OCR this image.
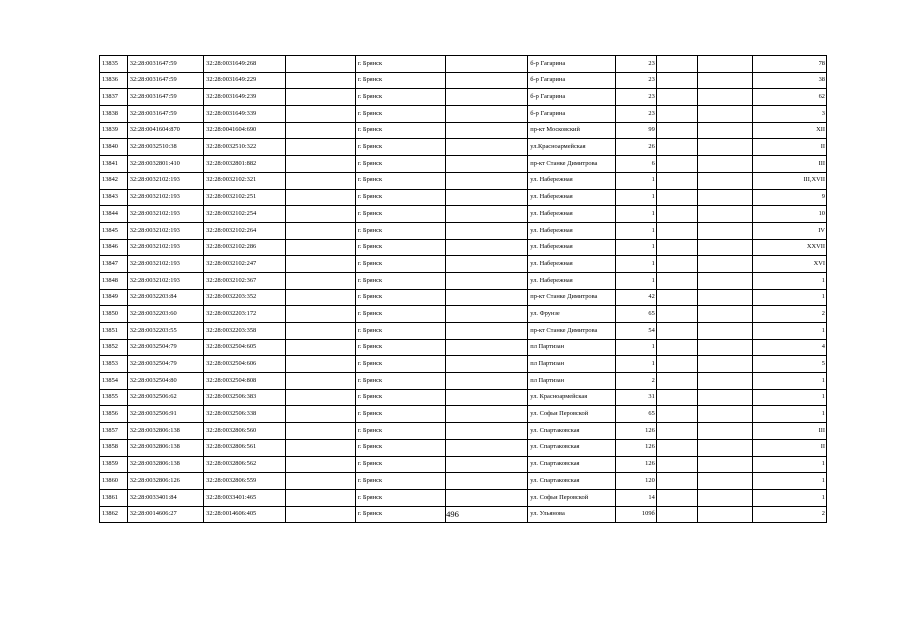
13835	32:28:0031647:59	32:28:0031649:268		г. Брянск		б-р Гагарина	23			78
13836	32:28:0031647:59	32:28:0031649:229		г. Брянск		б-р Гагарина	23			38
13837	32:28:0031647:59	32:28:0031649:239		г. Брянск		б-р Гагарина	23			62
13838	32:28:0031647:59	32:28:0031649:339		г. Брянск		б-р Гагарина	23			3
13839	32:28:0041604:870	32:28:0041604:690		г. Брянск		пр-кт Московский	99			XII
13840	32:28:0032510:38	32:28:0032510:322		г. Брянск		ул.Красноармейская	26			II
13841	32:28:0032801:410	32:28:0032801:882		г. Брянск		пр-кт Станке Димитрова	6			III
13842	32:28:0032102:193	32:28:0032102:321		г. Брянск		ул. Набережная	1			III,XVII
13843	32:28:0032102:193	32:28:0032102:251		г. Брянск		ул. Набережная	1			9
13844	32:28:0032102:193	32:28:0032102:254		г. Брянск		ул. Набережная	1			10
13845	32:28:0032102:193	32:28:0032102:264		г. Брянск		ул. Набережная	1			IV
13846	32:28:0032102:193	32:28:0032102:286		г. Брянск		ул. Набережная	1			XXVII
13847	32:28:0032102:193	32:28:0032102:247		г. Брянск		ул. Набережная	1			XVI
13848	32:28:0032102:193	32:28:0032102:367		г. Брянск		ул. Набережная	1			1
13849	32:28:0032203:84	32:28:0032203:352		г. Брянск		пр-кт Станке Димитрова	42			1
13850	32:28:0032203:60	32:28:0032203:172		г. Брянск		ул. Фрунзе	65			2
13851	32:28:0032203:55	32:28:0032203:358		г. Брянск		пр-кт Станке Димитрова	54			1
13852	32:28:0032504:79	32:28:0032504:605		г. Брянск		пл Партизан	1			4
13853	32:28:0032504:79	32:28:0032504:606		г. Брянск		пл Партизан	1			5
13854	32:28:0032504:80	32:28:0032504:808		г. Брянск		пл Партизан	2			1
13855	32:28:0032506:62	32:28:0032506:383		г. Брянск		ул. Красноармейская	31			1
13856	32:28:0032506:91	32:28:0032506:338		г. Брянск		ул. Софьи Перовской	65			1
13857	32:28:0032806:138	32:28:0032806:560		г. Брянск		ул. Спартаковская	126			III
13858	32:28:0032806:138	32:28:0032806:561		г. Брянск		ул. Спартаковская	126			II
13859	32:28:0032806:138	32:28:0032806:562		г. Брянск		ул. Спартаковская	126			1
13860	32:28:0032806:126	32:28:0032806:559		г. Брянск		ул. Спартаковская	120			1
13861	32:28:0033401:84	32:28:0033401:465		г. Брянск		ул. Софьи Перовской	14			1
13862	32:28:0014606:27	32:28:0014606:405		г. Брянск		ул. Ульянова	109б			2
496
